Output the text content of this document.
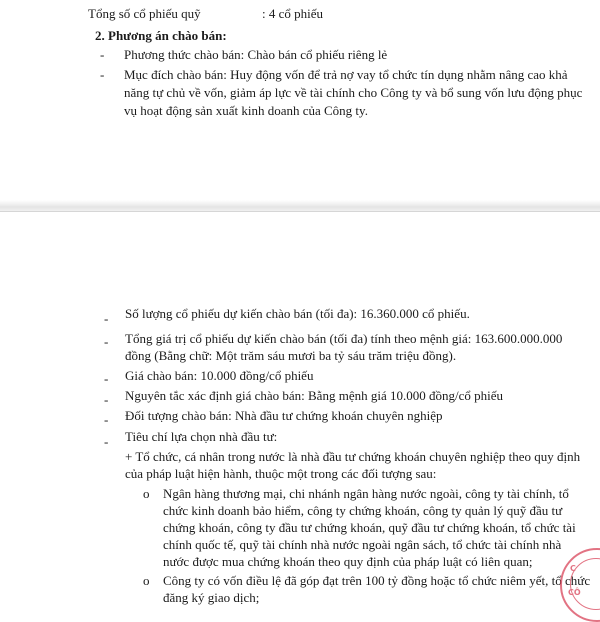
Tổng số cổ phiếu quỹ	: 4 cổ phiếu
2. Phương án chào bán:
- Phương thức chào bán: Chào bán cổ phiếu riêng lẻ
- Mục đích chào bán: Huy động vốn để trả nợ vay tổ chức tín dụng nhằm nâng cao khả
năng tự chủ về vốn, giảm áp lực về tài chính cho Công ty và bổ sung vốn lưu động phục
vụ hoạt động sản xuất kinh doanh của Công ty.
- Số lượng cổ phiếu dự kiến chào bán (tối đa): 16.360.000 cổ phiếu.
- Tổng giá trị cổ phiếu dự kiến chào bán (tối đa) tính theo mệnh giá: 163.600.000.000
đồng (Bằng chữ: Một trăm sáu mươi ba tỷ sáu trăm triệu đồng).
- Giá chào bán: 10.000 đồng/cổ phiếu
- Nguyên tắc xác định giá chào bán: Bằng mệnh giá 10.000 đồng/cổ phiếu
- Đối tượng chào bán: Nhà đầu tư chứng khoán chuyên nghiệp
- Tiêu chí lựa chọn nhà đầu tư:
+ Tổ chức, cá nhân trong nước là nhà đầu tư chứng khoán chuyên nghiệp theo quy định
của pháp luật hiện hành, thuộc một trong các đối tượng sau:
o Ngân hàng thương mại, chi nhánh ngân hàng nước ngoài, công ty tài chính, tổ
chức kinh doanh bảo hiểm, công ty chứng khoán, công ty quản lý quỹ đầu tư
chứng khoán, công ty đầu tư chứng khoán, quỹ đầu tư chứng khoán, tổ chức tài
chính quốc tế, quỹ tài chính nhà nước ngoài ngân sách, tổ chức tài chính nhà
nước được mua chứng khoán theo quy định của pháp luật có liên quan;
o Công ty có vốn điều lệ đã góp đạt trên 100 tỷ đồng hoặc tổ chức niêm yết, tổ chức
đăng ký giao dịch;
C
CÔ
